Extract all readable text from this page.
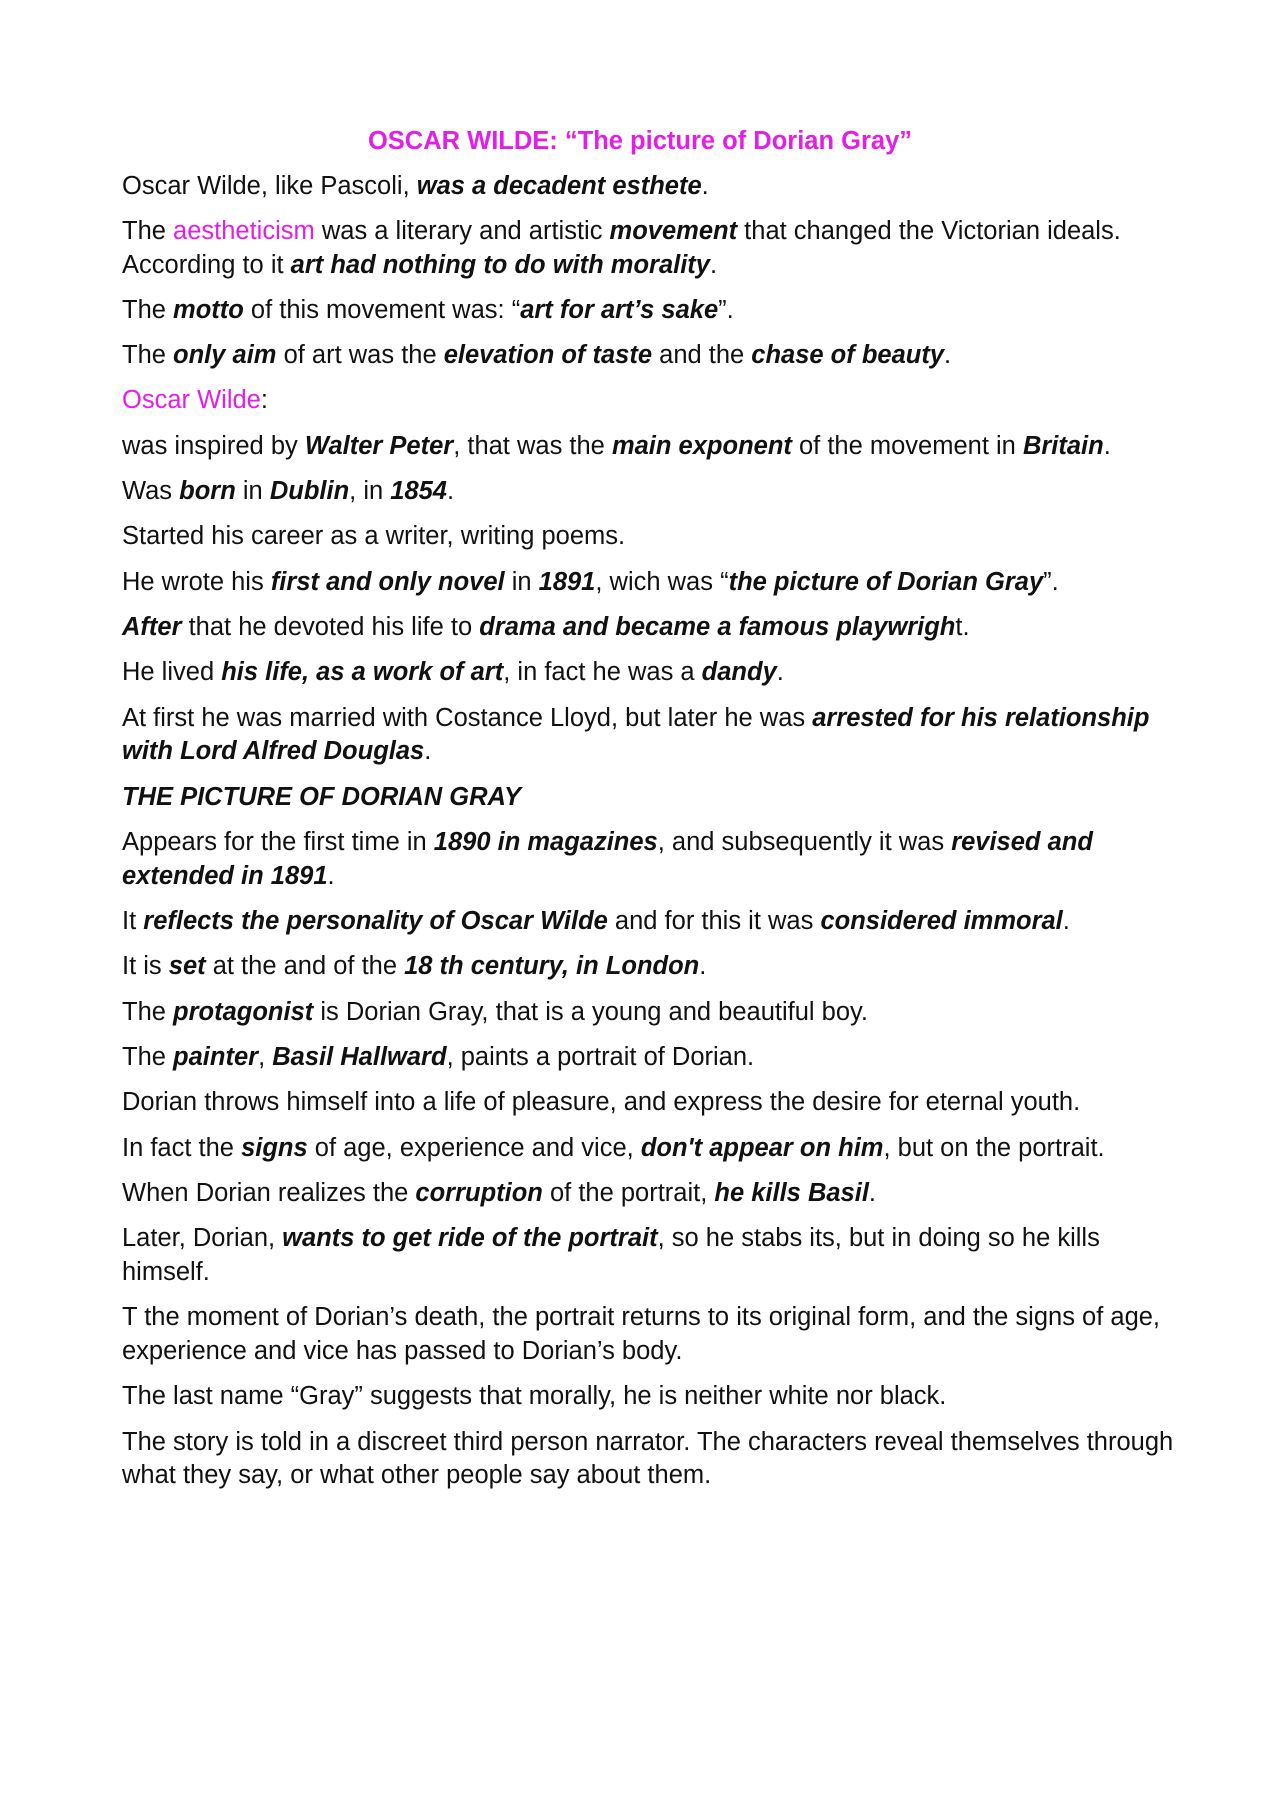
OSCAR WILDE: “The picture of Dorian Gray”

Oscar Wilde, like Pascoli, was a decadent esthete.

The aestheticism was a literary and artistic movement that changed the Victorian ideals. According to it art had nothing to do with morality.

The motto of this movement was: “art for art’s sake”.

The only aim of art was the elevation of taste and the chase of beauty.

Oscar Wilde:

was inspired by Walter Peter, that was the main exponent of the movement in Britain.

Was born in Dublin, in 1854.

Started his career as a writer, writing poems.

He wrote his first and only novel in 1891, wich was “the picture of Dorian Gray”.

After that he devoted his life to drama and became a famous playwright.

He lived his life, as a work of art, in fact he was a dandy.

At first he was married with Costance Lloyd, but later he was arrested for his relationship with Lord Alfred Douglas.

THE PICTURE OF DORIAN GRAY

Appears for the first time in 1890 in magazines, and subsequently it was revised and extended in 1891.

It reflects the personality of Oscar Wilde and for this it was considered immoral.

It is set at the and of the 18 th century, in London.

The protagonist is Dorian Gray, that is a young and beautiful boy.

The painter, Basil Hallward, paints a portrait of Dorian.

Dorian throws himself into a life of pleasure, and express the desire for eternal youth.

In fact the signs of age, experience and vice, don't appear on him, but on the portrait.

When Dorian realizes the corruption of the portrait, he kills Basil.

Later, Dorian, wants to get ride of the portrait, so he stabs its, but in doing so he kills himself.

T the moment of Dorian’s death, the portrait returns to its original form, and the signs of age, experience and vice has passed to Dorian’s body.

The last name “Gray” suggests that morally, he is neither white nor black.

The story is told in a discreet third person narrator. The characters reveal themselves through what they say, or what other people say about them.
